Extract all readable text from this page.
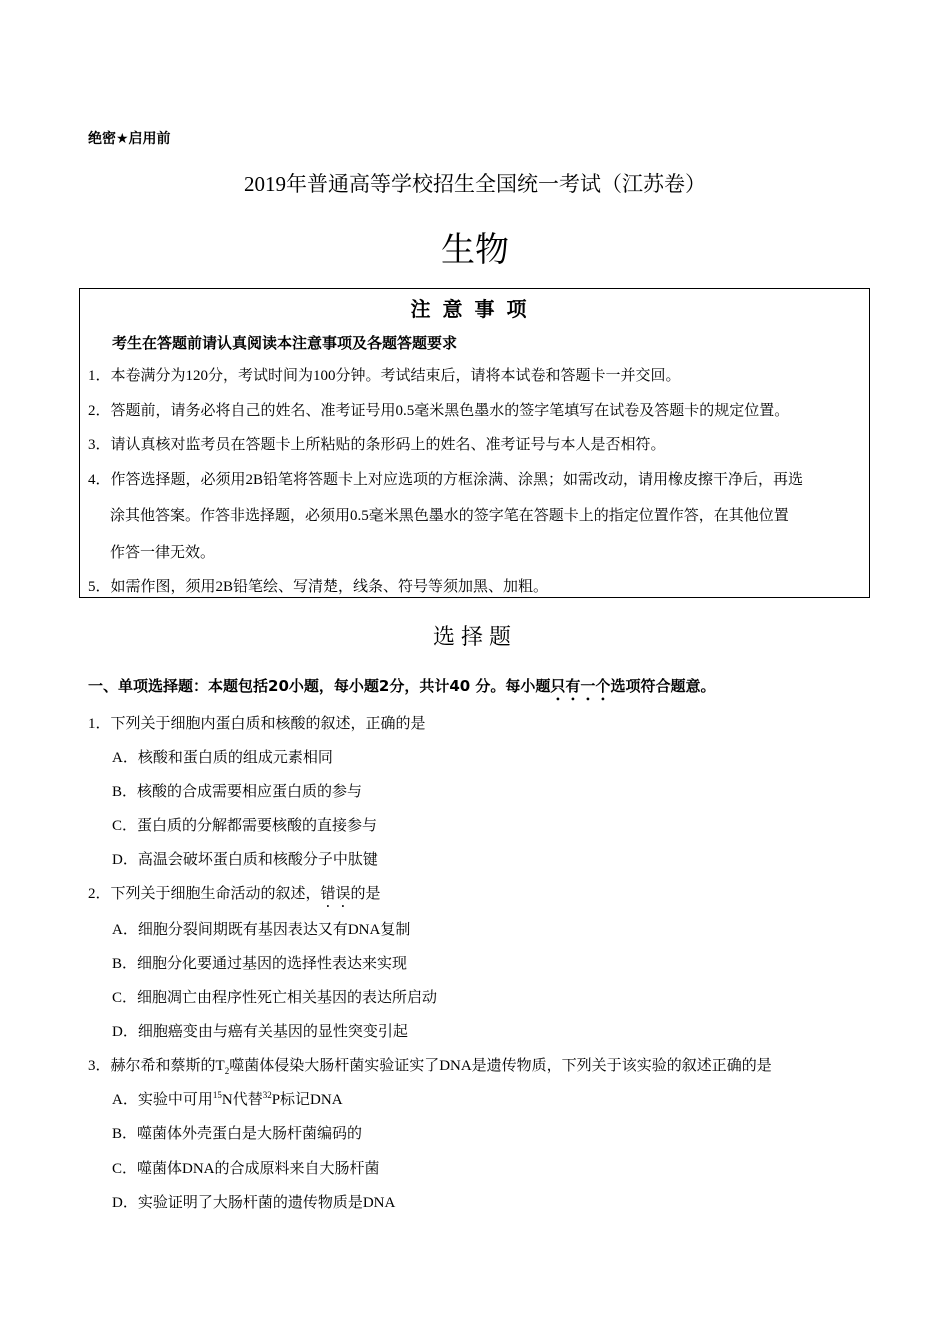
绝密★启用前
2019年普通高等学校招生全国统一考试（江苏卷）
生物
注意事项
考生在答题前请认真阅读本注意事项及各题答题要求
1．本卷满分为120分，考试时间为100分钟。考试结束后，请将本试卷和答题卡一并交回。
2．答题前，请务必将自己的姓名、准考证号用0.5毫米黑色墨水的签字笔填写在试卷及答题卡的规定位置。
3．请认真核对监考员在答题卡上所粘贴的条形码上的姓名、准考证号与本人是否相符。
4．作答选择题，必须用2B铅笔将答题卡上对应选项的方框涂满、涂黑；如需改动，请用橡皮擦干净后，再选
涂其他答案。作答非选择题，必须用0.5毫米黑色墨水的签字笔在答题卡上的指定位置作答，在其他位置
作答一律无效。
5．如需作图，须用2B铅笔绘、写清楚，线条、符号等须加黑、加粗。
选择题
一、单项选择题：本题包括20小题，每小题2分，共计40 分。每小题只有一个选项符合题意。
1．下列关于细胞内蛋白质和核酸的叙述，正确的是
A．核酸和蛋白质的组成元素相同
B．核酸的合成需要相应蛋白质的参与
C．蛋白质的分解都需要核酸的直接参与
D．高温会破坏蛋白质和核酸分子中肽键
2．下列关于细胞生命活动的叙述，错误的是
A．细胞分裂间期既有基因表达又有DNA复制
B．细胞分化要通过基因的选择性表达来实现
C．细胞凋亡由程序性死亡相关基因的表达所启动
D．细胞癌变由与癌有关基因的显性突变引起
3．赫尔希和蔡斯的$T_2$噬菌体侵染大肠杆菌实验证实了DNA是遗传物质，下列关于该实验的叙述正确的是
A．实验中可用$^{15}$N代替$^{32}$P标记DNA
B．噬菌体外壳蛋白是大肠杆菌编码的
C．噬菌体DNA的合成原料来自大肠杆菌
D．实验证明了大肠杆菌的遗传物质是DNA
